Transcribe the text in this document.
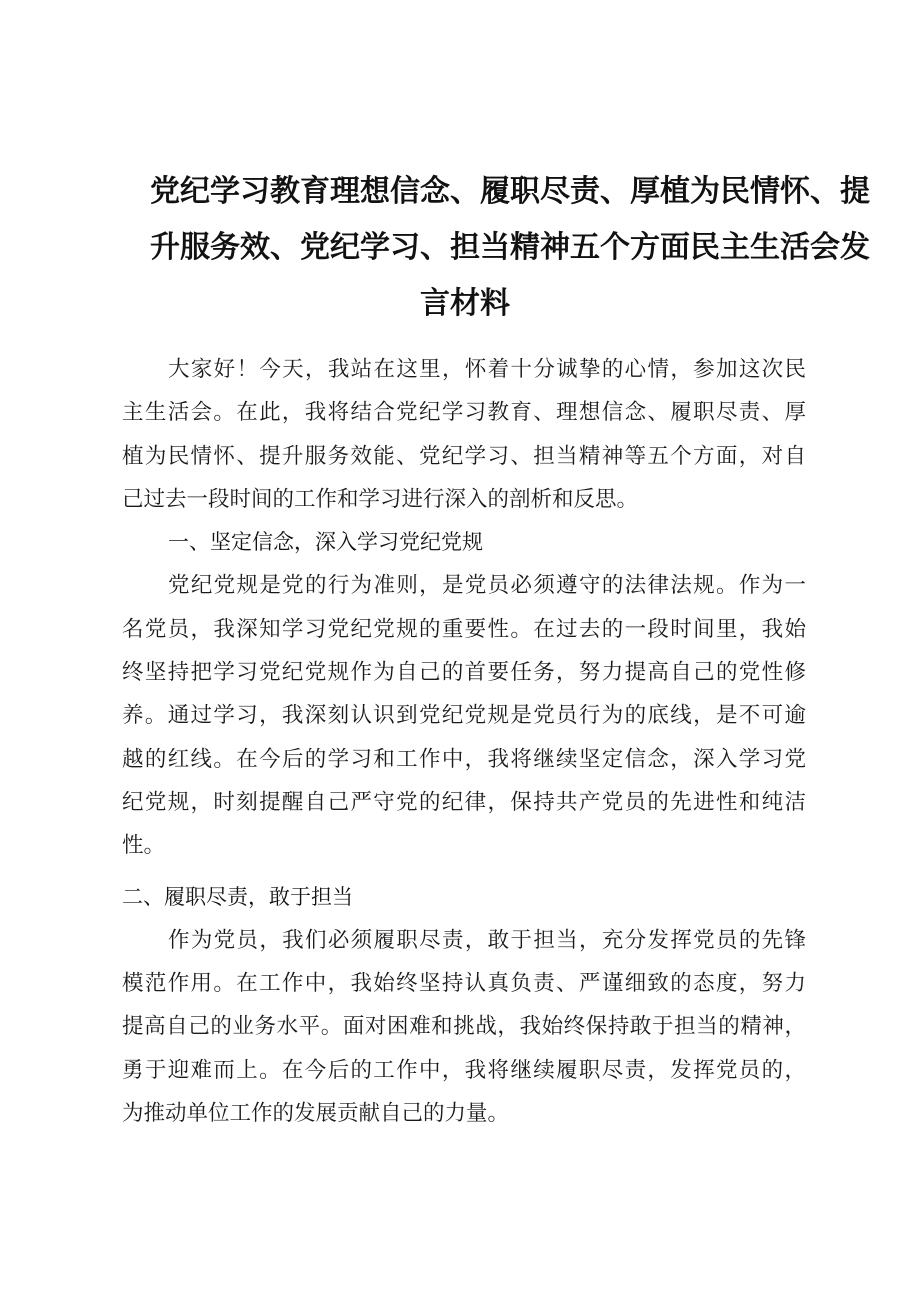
党纪学习教育理想信念、履职尽责、厚植为民情怀、提
升服务效、党纪学习、担当精神五个方面民主生活会发
言材料
大家好！今天，我站在这里，怀着十分诚挚的心情，参加这次民
主生活会。在此，我将结合党纪学习教育、理想信念、履职尽责、厚
植为民情怀、提升服务效能、党纪学习、担当精神等五个方面，对自
己过去一段时间的工作和学习进行深入的剖析和反思。
一、坚定信念，深入学习党纪党规
党纪党规是党的行为准则，是党员必须遵守的法律法规。作为一
名党员，我深知学习党纪党规的重要性。在过去的一段时间里，我始
终坚持把学习党纪党规作为自己的首要任务，努力提高自己的党性修
养。通过学习，我深刻认识到党纪党规是党员行为的底线，是不可逾
越的红线。在今后的学习和工作中，我将继续坚定信念，深入学习党
纪党规，时刻提醒自己严守党的纪律，保持共产党员的先进性和纯洁
性。
二、履职尽责，敢于担当
作为党员，我们必须履职尽责，敢于担当，充分发挥党员的先锋
模范作用。在工作中，我始终坚持认真负责、严谨细致的态度，努力
提高自己的业务水平。面对困难和挑战，我始终保持敢于担当的精神，
勇于迎难而上。在今后的工作中，我将继续履职尽责，发挥党员的，
为推动单位工作的发展贡献自己的力量。
